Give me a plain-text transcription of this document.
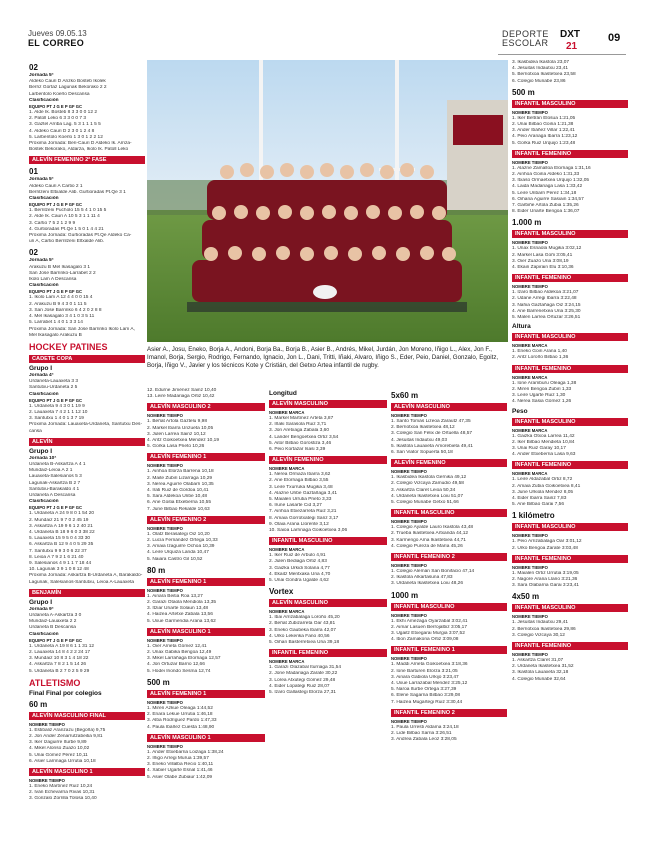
Jueves 09.05.13
EL CORREO
DEPORTE
ESCOLAR
DXT
21
09
02
Jornada 5ª
Aldeko Cauri D Arizko Bosteb Ikolek
Berriz Gortaz Lagunak Bekorako 2 2
Larbentolo Koerlo Descansa
Clasificación
EQUIPO PT J G E P GF GC
1. Alde Ik. Bosteb 8 3 3 0 0 12 2
2. Patoll Leko 6 3 3 0 0 7 3
3. Gaztel Arriba Lag. 5 3 1 1 1 5 5
4. Aldeko Cauri D 2 3 0 1 2 4 8
5. Larbentolo Koerlo 1 3 0 1 2 2 12
Próxima Jornada: Beri-Cauri D Aldeko Ik. Arriza-
Bostek Bekorako, Aldarza, Ikolo Ik. Patoll Leko
ALEVÍN FEMENINO 2ª FASE
01
Jornada 5ª
Aldeko Cauri A Cartio 2 1
Berrilzeni Eltxalde Alib. Gurtioradas Pt.Qe 3 1
Clasificación
EQUIPO PT J G E P GF GC
1. Berrilzeni Pucholo 15 5 4 1 0 15 5
2. Alde Ik. Cauri A 10 5 3 1 1 11 4
3. Cartio 7 5 2 1 2 9 9
4. Gurtioradas Pt.Qe 1 5 0 1 4 4 21
Próxima Jornada: Gurtioradas Pt.Qe Aldeko Ca-
uri A, Cartio Berrilzeni Eltxalde Alib.
02
Jornada 5ª
Arakuzu B Mel Ikasagalo 3 1
San Jose Barrinko-Larrabet 2 2
Ikolo Lam A Descansa
Clasificación
EQUIPO PT J G E P GF GC
1. Ikolo Lam A 12 4 4 0 0 15 4
2. Arakuzu B 9 4 3 0 1 11 5
3. San Jose Barrinko 6 4 2 0 2 8 8
4. Mel Ikasagalo 3 4 1 0 3 5 11
5. Larrabet 1 4 0 1 3 3 14
Próxima Jornada: San Jose Barrinko Ikolo Lam A,
Mel Ikasagalo Arakuzu B
HOCKEY PATINES
CADETE COPA
Grupo I
Jornada 4ª
Urdaneta-Lauaxeta 3 3
Santutxu-Urdaneta 2 5
Clasificación
EQUIPO PT J G E P GF GC
1. Urdaneta 9 4 3 0 1 19 9
2. Lauaxeta 7 4 2 1 1 12 10
3. Santutxu 1 4 0 1 3 7 19
Próxima Jornada: Lauaxeta-Urdaneta, Santutxu Des-
cansa
ALEVÍN
Grupo I
Jornada 10ª
Urdaneta B-Askartza A 4 1
Mundaiz-Leioa A 2 1
Lauaxeta-Salesianos 5 3
Lagunak-Askartza B 2 7
Santutxu-Barakaldo 4 1
Urdaneta A Descansa
Clasificación
EQUIPO PT J G E P GF GC
1. Urdaneta A 24 9 8 0 1 54 20
2. Mundaiz 21 9 7 0 2 45 19
3. Askartza A 19 9 6 1 2 40 21
4. Urdaneta B 18 9 6 0 3 38 22
5. Lauaxeta 15 9 5 0 4 33 30
6. Askartza B 12 9 4 0 5 29 35
7. Santutxu 9 9 3 0 6 22 37
8. Leioa A 7 9 2 1 6 21 40
9. Salesianos 4 9 1 1 7 18 44
10. Lagunak 3 9 1 0 8 12 48
Próxima Jornada: Askartza B-Urdaneta A, Barakaldo-
Lagunak, Salesianos-Santutxu, Leioa A-Lauaxeta
BENJAMÍN
Grupo I
Jornada 9ª
Urdaneta A-Askartza 3 0
Mundaiz-Lauaxeta 2 2
Urdaneta B Descansa
Clasificación
EQUIPO PT J G E P GF GC
1. Urdaneta A 19 8 6 1 1 31 12
2. Lauaxeta 14 8 4 2 2 24 17
3. Mundaiz 10 8 3 1 4 18 22
4. Askartza 7 8 2 1 5 14 26
5. Urdaneta B 2 7 0 2 5 9 29
ATLETISMO
Final Final por colegios
60 m
ALEVÍN MASCULINO FINAL
NOMBRE TIEMPO
1. Estibaliz Aranzazu (Begoña) 9,75
2. Jon Ander Zenarrutzabeitia 9,81
3. Iker Izaguirre Iturbe 9,89
4. Mikel Alonso Zuazo 10,02
5. Unai Gómez Pérez 10,11
6. Asier Larrinaga Urrutia 10,18
ALEVÍN MASCULINO 1
NOMBRE TIEMPO
1. Eneko Martínez Ruiz 10,24
2. Iván Echevarría Rivas 10,31
3. Gonzalo Zorrilla Tolosa 10,40
Asier A., Josu, Eneko, Borja A., Andoni, Borja Ba., Borja B., Asier B., Andrés, Mikel, Jurdán, Jon Moreno, Iñigo L., Alex, Jon F., Imanol, Borja, Sergio, Rodrigo, Fernando, Ignacio, Jon L., Dani, Tritti, Iñaki, Alvaro, Iñigo S., Eder, Peio, Daniel, Gonzalo, Egoitz, Borja, Iñigo V., Javier y los técnicos Kote y Cristián, del Getxo Artea infantil de rugby.
12. Edurne Jiménez Sainz 10,40
13. Leire Madariaga Ortiz 10,42
ALEVÍN MASCULINO 2
NOMBRE TIEMPO
1. Beñat Artola Gaztelu 9,98
2. Markel Ibarra Unzueta 10,05
3. Julen Larrea Sainz 10,12
4. Aritz Goikoetxea Mendez 10,19
5. Gorka Lasa Prieto 10,26
ALEVÍN FEMENINO 1
NOMBRE TIEMPO
1. Ainhoa Elorza Barrena 10,18
2. Maite Zubiri Lizarraga 10,29
3. Nerea Aguirre Olabarri 10,35
4. Irati Ruiz de Gordoa 10,41
5. Sara Aldekoa Uribe 10,48
6. Ane Goitia Etxeberria 10,55
7. June Bilbao Rekalde 10,63
ALEVÍN FEMENINO 2
NOMBRE TIEMPO
1. Olatz Berasategi Oiz 10,20
2. Lucía Fernández Ortega 10,33
3. Amaia Izaguirre Ochoa 10,39
4. Leire Urquiza Landa 10,47
5. Naiara Castro Gil 10,52
80 m
ALEVÍN FEMENINO 1
NOMBRE TIEMPO
1. Ainara Beitia Roa 13,27
2. Garazi Otaola Mendiola 13,35
3. Itziar Uriarte Solaun 13,48
4. Haizea Artetxe Zabala 13,56
5. Uxue Garmendia Arana 13,62
ALEVÍN MASCULINO 1
NOMBRE TIEMPO
1. Oier Arrieta Gómez 12,41
2. Unax Gabika Bengoa 12,49
3. Mikel Larrañaga Elorriaga 12,57
4. Jon Ortuzar Barrio 12,66
5. Hodei Iriondo Sesma 12,74
500 m
ALEVÍN FEMENINO 1
NOMBRE TIEMPO
1. Miren Azkue Oleaga 1:44,52
2. Enara Lekue Urrutia 1:46,18
3. Alba Rodríguez Pardo 1:47,33
4. Paula Ibáñez Cuesta 1:48,90
ALEVÍN MASCULINO 1
NOMBRE TIEMPO
1. Ander Etxebarria Loizaga 1:38,24
2. Iñigo Arregi Murua 1:39,57
3. Eneko Villalba Recio 1:40,11
4. Xabier Ugarte Esnal 1:41,46
5. Asier Olabe Zubiaur 1:42,09
Longitud
ALEVÍN MASCULINO
NOMBRE MARCA
1. Markel Martínez Arteta 3,87
2. Iñaki Sarasola Ruiz 3,71
3. Jon Aretxaga Zabala 3,60
4. Lander Bengoetxea Ortiz 3,54
5. Aitor Bilbao Gorostiza 3,46
6. Peio Kortazar Isasi 3,39
ALEVÍN FEMENINO
NOMBRE MARCA
1. Nerea Ormaza Ibarra 3,62
2. Ane Elorriaga Bilbao 3,55
3. Leire Txurruka Mugika 3,48
4. Alazne Uribe Gaztañaga 3,41
5. Maialen Urrutia Prieto 3,33
6. Irune Lasarte Cid 3,27
7. Ainhoa Etxezarreta Ruiz 3,21
8. Amaia Gorrotxategi Sanz 3,17
9. Olaia Arana Llorente 3,12
10. Saioa Larrinaga Goikoetxea 3,06
INFANTIL MASCULINO
NOMBRE MARCA
1. Iker Ruiz de Arbulo 4,91
2. Julen Bediaga Ortiz 4,83
3. Gaizka Urkidi Solana 4,77
4. Ekaitz Mentxaka Uria 4,70
5. Unai Gondra Ugalde 4,62
Vortex
ALEVÍN MASCULINO
NOMBRE MARCA
1. Ibai Arrizabalaga Loroño 45,20
2. Beñat Zubizarreta Oar 43,81
3. Eneko Gaubeka Ibarra 42,07
4. Urko Lekerika Fano 40,56
5. Oihan Basterretxea Uria 39,18
INFANTIL FEMENINO
NOMBRE MARCA
1. Garazi Olazabal Iturriaga 31,54
2. Jone Madariaga Zarate 30,22
3. Lorea Atxutegi Gómez 29,48
4. Eider Lopategi Ruiz 28,07
5. Izaro Gallastegi Elorza 27,31
5x60 m
ALEVÍN MASCULINO
NOMBRE TIEMPO
1. Santo Tomás Lizeoa Zarautz 47,35
2. Berriotxoa Ikastetxea 48,12
3. Colegio San Félix de Ortuella 48,57
4. Jesuitas Indautxu 49,03
5. Ikastola Lauaxeta Amorebieta 49,41
6. San Viator Sopuerta 50,18
ALEVÍN FEMENINO
NOMBRE TIEMPO
1. Ikasbidea Ikastola Gernika 49,12
2. Colegio Vizcaya Zamudio 49,58
3. Askartza Claret Leioa 50,34
4. Urdaneta Ikastetxea Loiu 51,07
5. Colegio Munabe Getxo 51,66
INFANTIL MASCULINO
NOMBRE TIEMPO
1. Colegio Ayalde Lauro Ikastola 43,48
2. Trueba Ikastetxea Artxanda 44,12
3. Karmengo Ama Ikastetxea 44,71
4. Colegio Pureza de María 45,26
INFANTIL FEMENINO 2
NOMBRE TIEMPO
1. Colegio Alemán San Bonifacio 47,14
2. Ikastola Alkartasuna 47,83
3. Urdaneta Ikastetxea Loiu 48,26
1000 m
INFANTIL MASCULINO
NOMBRE TIEMPO
1. Ekhi Amezaga Oyarzabal 3:02,41
2. Aimar Lasuen Berrojalbiz 3:05,17
3. Ugaitz Etxegarai Murgia 3:07,52
4. Ibon Zamakona Ortiz 3:09,08
INFANTIL FEMENINO 1
NOMBRE TIEMPO
1. Maddi Arrieta Goikoetxea 3:18,36
2. Ione Barturen Elorza 3:21,05
3. Ainara Gabiola Urkijo 3:23,47
4. Uxue Larrazabal Mendez 3:25,12
5. Naroa Iturbe Ortega 3:27,39
6. Elene Sagarna Bilbao 3:29,08
7. Haizea Mugartegi Ruiz 3:30,44
INFANTIL FEMENINO 2
NOMBRE TIEMPO
1. Paula Urresti Aldama 3:24,18
2. Lide Bilbao Sarria 3:26,51
3. Andrea Zabala Leoz 3:28,05
3. Ikasbidea Ikastola 23,07
4. Jesuitas Indautxu 23,41
5. Berriotxoa Ikastetxea 23,58
6. Colegio Munabe 23,86
500 m
INFANTIL MASCULINO
NOMBRE TIEMPO
1. Iker Beltrán Elosua 1:21,05
2. Unai Bilbao Goiria 1:21,38
3. Ander Ibáñez Villar 1:22,41
4. Peio Aranaga Ibarra 1:23,12
5. Gorka Ruiz Urquijo 1:23,48
INFANTIL FEMENINO
NOMBRE TIEMPO
1. Alazne Zamalloa Elorriaga 1:31,16
2. Ainhoa Goiria Aldeko 1:31,33
3. Itxaso Ormaetxea Urquijo 1:32,05
4. Laida Madariaga Lasa 1:33,42
5. Leire Uribarri Pérez 1:34,18
6. Oihana Aguirre Sasiain 1:34,57
7. Garbiñe Artola Zubia 1:35,26
8. Eider Uriarte Bengoa 1:36,07
1.000 m
INFANTIL MASCULINO
NOMBRE TIEMPO
1. Unax Esnaola Mugika 3:02,12
2. Markel Lasa Goñi 3:05,41
3. Oier Zuazo Uria 3:08,19
4. Ekain Zapirain Elu 3:10,36
INFANTIL FEMENINO
NOMBRE TIEMPO
1. Izaro Bilbao Aldekoa 3:21,07
2. Udane Arregi Ibarra 3:22,48
3. Nahia Gaztañaga Oiz 3:24,15
4. Ane Barrenetxea Uria 3:25,30
5. Malen Larrea Ortuzar 3:26,51
Altura
INFANTIL MASCULINO
NOMBRE MARCA
1. Eneko Goiri Arana 1,40
2. Aritz Loroño Bilbao 1,36
INFANTIL FEMENINO
NOMBRE MARCA
1. Ione Aramburu Oleaga 1,38
2. Miren Bengoa Zubiri 1,33
3. Leire Ugarte Ruiz 1,30
4. Nerea Sasia Gómez 1,26
Peso
INFANTIL MASCULINO
NOMBRE MARCA
1. Gaizka Otxoa Larrea 11,42
2. Iker Bilbao Mendieta 10,84
3. Unai Ruiz Garay 10,17
4. Ander Etxeberria Lasa 9,63
INFANTIL FEMENINO
NOMBRE MARCA
1. Leire Aldazabal Ortiz 8,72
2. Amaia Zubia Goikoetxea 8,41
3. June Urkiola Mendez 8,05
4. Eider Ibarra Sainz 7,83
5. Ane Bilbao Garai 7,56
1 kilómetro
INFANTIL MASCULINO
NOMBRE TIEMPO
1. Peio Arrizabalaga Oar 3:01,12
2. Urko Bengoa Zarate 3:03,48
INFANTIL FEMENINO
NOMBRE TIEMPO
1. Maialen Ortiz Urrutia 3:19,05
2. Nagore Arana Llano 3:21,36
3. Sara Olabarria Garai 3:23,41
4x50 m
INFANTIL MASCULINO
NOMBRE TIEMPO
1. Jesuitas Indautxu 29,41
2. Berriotxoa Ikastetxea 29,86
3. Colegio Vizcaya 30,12
INFANTIL FEMENINO
NOMBRE TIEMPO
1. Askartza Claret 31,07
2. Urdaneta Ikastetxea 31,52
3. Ikastola Lauaxeta 32,18
4. Colegio Munabe 32,64
